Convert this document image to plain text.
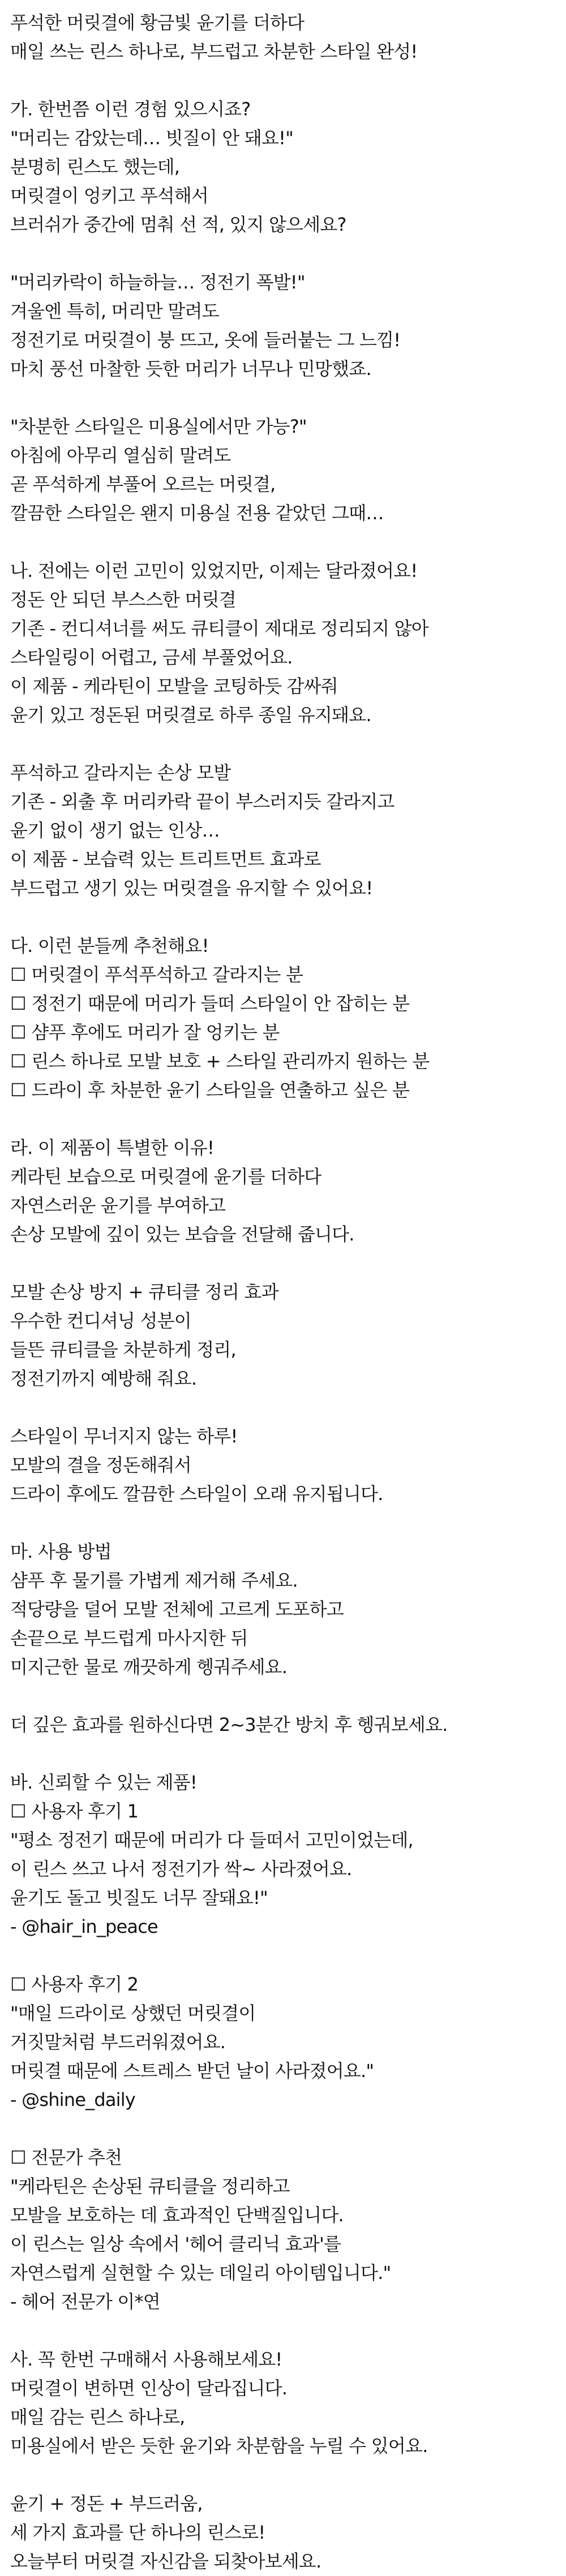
푸석한 머릿결에 황금빛 윤기를 더하다
매일 쓰는 린스 하나로, 부드럽고 차분한 스타일 완성!
가. 한번쯤 이런 경험 있으시죠?
"머리는 감았는데… 빗질이 안 돼요!"
분명히 린스도 했는데,
머릿결이 엉키고 푸석해서
브러쉬가 중간에 멈춰 선 적, 있지 않으세요?
"머리카락이 하늘하늘… 정전기 폭발!"
겨울엔 특히, 머리만 말려도
정전기로 머릿결이 붕 뜨고, 옷에 들러붙는 그 느낌!
마치 풍선 마찰한 듯한 머리가 너무나 민망했죠.
"차분한 스타일은 미용실에서만 가능?"
아침에 아무리 열심히 말려도
곧 푸석하게 부풀어 오르는 머릿결,
깔끔한 스타일은 왠지 미용실 전용 같았던 그때…
나. 전에는 이런 고민이 있었지만, 이제는 달라졌어요!
정돈 안 되던 부스스한 머릿결
기존 - 컨디셔너를 써도 큐티클이 제대로 정리되지 않아
스타일링이 어렵고, 금세 부풀었어요.
이 제품 - 케라틴이 모발을 코팅하듯 감싸줘
윤기 있고 정돈된 머릿결로 하루 종일 유지돼요.
푸석하고 갈라지는 손상 모발
기존 - 외출 후 머리카락 끝이 부스러지듯 갈라지고
윤기 없이 생기 없는 인상…
이 제품 - 보습력 있는 트리트먼트 효과로
부드럽고 생기 있는 머릿결을 유지할 수 있어요!
다. 이런 분들께 추천해요!
☐ 머릿결이 푸석푸석하고 갈라지는 분
☐ 정전기 때문에 머리가 들떠 스타일이 안 잡히는 분
☐ 샴푸 후에도 머리가 잘 엉키는 분
☐ 린스 하나로 모발 보호 + 스타일 관리까지 원하는 분
☐ 드라이 후 차분한 윤기 스타일을 연출하고 싶은 분
라. 이 제품이 특별한 이유!
케라틴 보습으로 머릿결에 윤기를 더하다
자연스러운 윤기를 부여하고
손상 모발에 깊이 있는 보습을 전달해 줍니다.
모발 손상 방지 + 큐티클 정리 효과
우수한 컨디셔닝 성분이
들뜬 큐티클을 차분하게 정리,
정전기까지 예방해 줘요.
스타일이 무너지지 않는 하루!
모발의 결을 정돈해줘서
드라이 후에도 깔끔한 스타일이 오래 유지됩니다.
마. 사용 방법
샴푸 후 물기를 가볍게 제거해 주세요.
적당량을 덜어 모발 전체에 고르게 도포하고
손끝으로 부드럽게 마사지한 뒤
미지근한 물로 깨끗하게 헹궈주세요.
더 깊은 효과를 원하신다면 2~3분간 방치 후 헹궈보세요.
바. 신뢰할 수 있는 제품!
☐ 사용자 후기 1
"평소 정전기 때문에 머리가 다 들떠서 고민이었는데,
이 린스 쓰고 나서 정전기가 싹~ 사라졌어요.
윤기도 돌고 빗질도 너무 잘돼요!"
- @hair_in_peace
☐ 사용자 후기 2
"매일 드라이로 상했던 머릿결이
거짓말처럼 부드러워졌어요.
머릿결 때문에 스트레스 받던 날이 사라졌어요."
- @shine_daily
☐ 전문가 추천
"케라틴은 손상된 큐티클을 정리하고
모발을 보호하는 데 효과적인 단백질입니다.
이 린스는 일상 속에서 '헤어 클리닉 효과'를
자연스럽게 실현할 수 있는 데일리 아이템입니다."
- 헤어 전문가 이*연
사. 꼭 한번 구매해서 사용해보세요!
머릿결이 변하면 인상이 달라집니다.
매일 감는 린스 하나로,
미용실에서 받은 듯한 윤기와 차분함을 누릴 수 있어요.
윤기 + 정돈 + 부드러움,
세 가지 효과를 단 하나의 린스로!
오늘부터 머릿결 자신감을 되찾아보세요.
